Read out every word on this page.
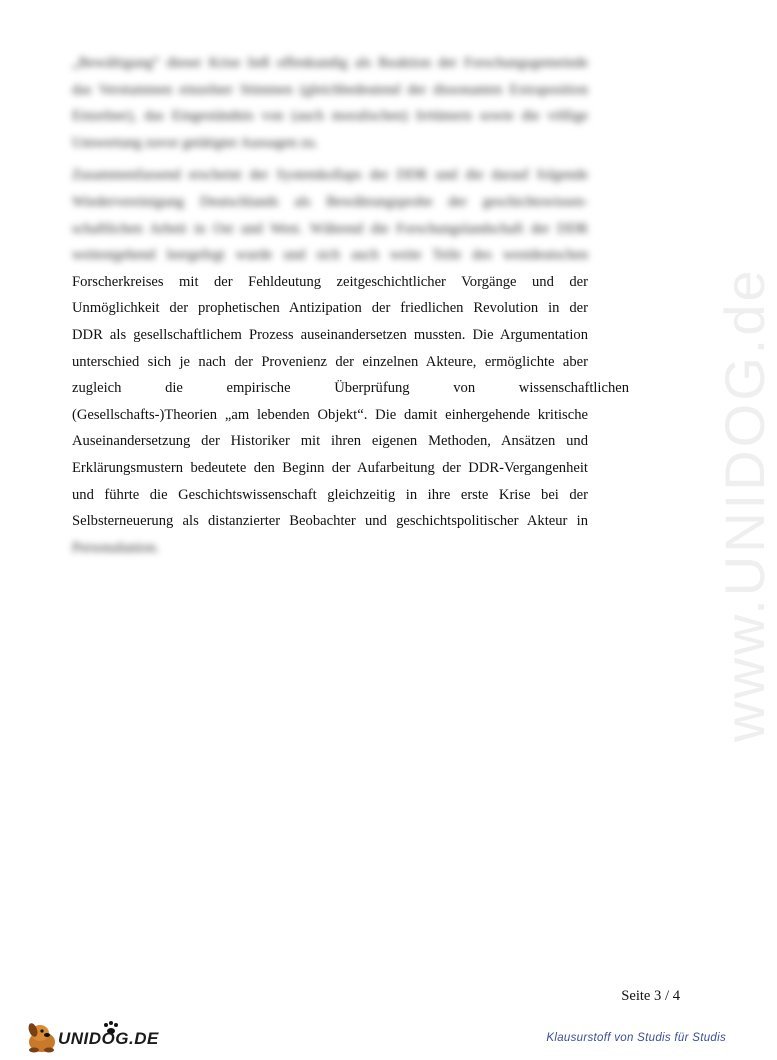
www.UNIDOG.de

„Bewältigung“ dieser Krise ließ offenkundig als Reaktion der Forschungsgemeinde
das Verstummen einzelner Stimmen (gleichbedeutend der dissonanten Extraposition
Einzelner), das Eingeständnis von (auch moralischen) Irrtümern sowie die völlige
Umwertung zuvor getätigter Aussagen zu.

Zusammenfassend erscheint der Systemkollaps der DDR und die darauf folgende
Wiedervereinigung Deutschlands als Bewährungsprobe der geschichtswissen-
schaftlichen Arbeit in Ost und West. Während die Forschungslandschaft der DDR
weitestgehend leergefegt wurde und sich auch weite Teile des westdeutschen
Forscherkreises mit der Fehldeutung zeitgeschichtlicher Vorgänge und der
Unmöglichkeit der prophetischen Antizipation der friedlichen Revolution in der
DDR als gesellschaftlichem Prozess auseinandersetzen mussten. Die Argumentation
unterschied sich je nach der Provenienz der einzelnen Akteure, ermöglichte aber
zugleich die empirische Überprüfung von wissenschaftlichen
(Gesellschafts-)Theorien „am lebenden Objekt“. Die damit einhergehende kritische
Auseinandersetzung der Historiker mit ihren eigenen Methoden, Ansätzen und
Erklärungsmustern bedeutete den Beginn der Aufarbeitung der DDR-Vergangenheit
und führte die Geschichtswissenschaft gleichzeitig in ihre erste Krise bei der
Selbsterneuerung als distanzierter Beobachter und geschichtspolitischer Akteur in
Personalunion.

Seite 3 / 4
UNIDOG.DE	Klausurstoff von Studis für Studis
